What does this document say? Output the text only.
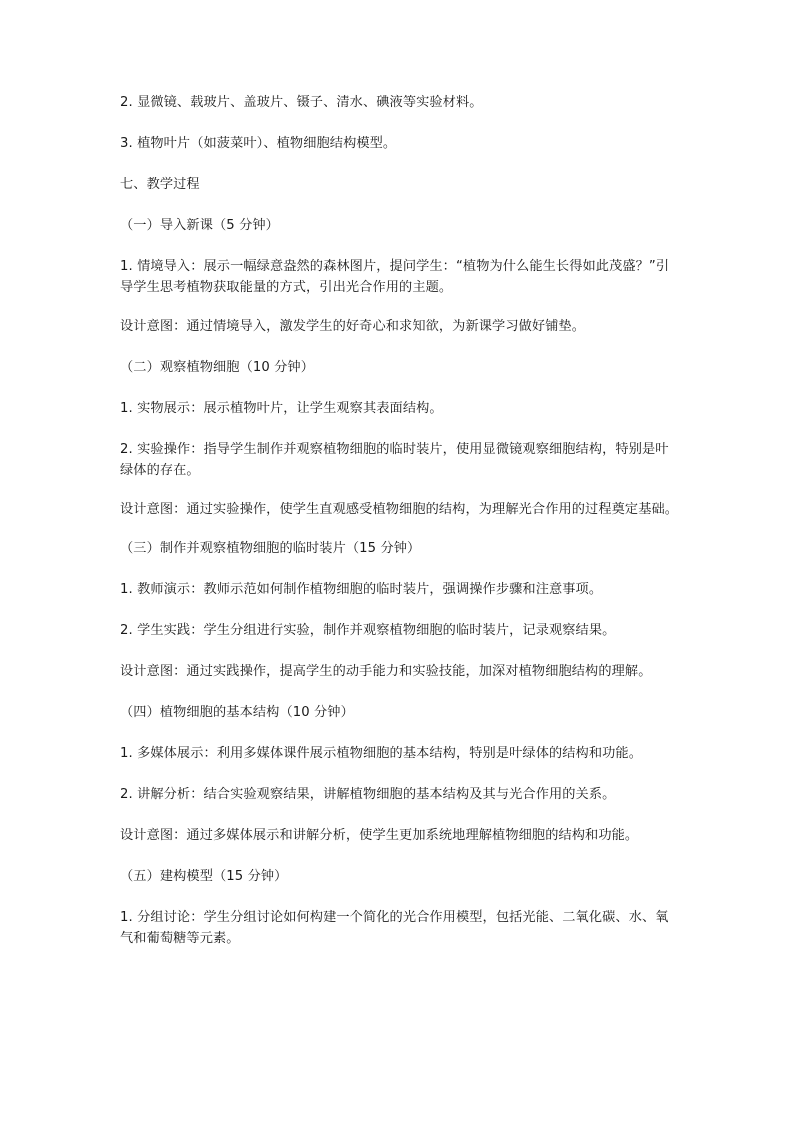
2. 显微镜、载玻片、盖玻片、镊子、清水、碘液等实验材料。

3. 植物叶片（如菠菜叶）、植物细胞结构模型。

七、教学过程

（一）导入新课（5 分钟）

1. 情境导入：展示一幅绿意盎然的森林图片，提问学生：“植物为什么能生长得如此茂盛？”引导学生思考植物获取能量的方式，引出光合作用的主题。

设计意图：通过情境导入，激发学生的好奇心和求知欲，为新课学习做好铺垫。

（二）观察植物细胞（10 分钟）

1. 实物展示：展示植物叶片，让学生观察其表面结构。

2. 实验操作：指导学生制作并观察植物细胞的临时装片，使用显微镜观察细胞结构，特别是叶绿体的存在。

设计意图：通过实验操作，使学生直观感受植物细胞的结构，为理解光合作用的过程奠定基础。

（三）制作并观察植物细胞的临时装片（15 分钟）

1. 教师演示：教师示范如何制作植物细胞的临时装片，强调操作步骤和注意事项。

2. 学生实践：学生分组进行实验，制作并观察植物细胞的临时装片，记录观察结果。

设计意图：通过实践操作，提高学生的动手能力和实验技能，加深对植物细胞结构的理解。

（四）植物细胞的基本结构（10 分钟）

1. 多媒体展示：利用多媒体课件展示植物细胞的基本结构，特别是叶绿体的结构和功能。

2. 讲解分析：结合实验观察结果，讲解植物细胞的基本结构及其与光合作用的关系。

设计意图：通过多媒体展示和讲解分析，使学生更加系统地理解植物细胞的结构和功能。

（五）建构模型（15 分钟）

1. 分组讨论：学生分组讨论如何构建一个简化的光合作用模型，包括光能、二氧化碳、水、氧气和葡萄糖等元素。
